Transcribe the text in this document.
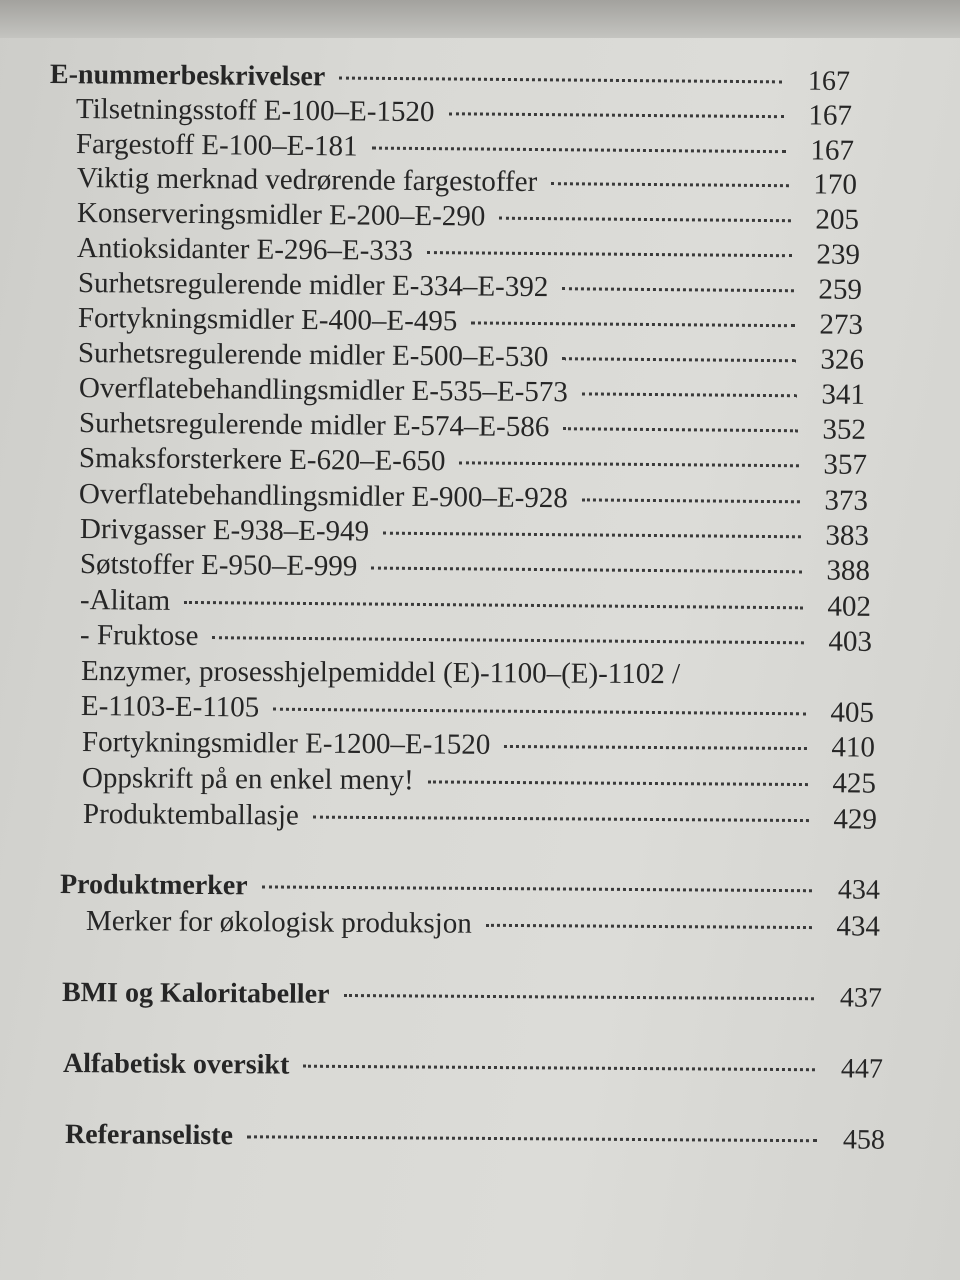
E-nummerbeskrivelser	167
Tilsetningsstoff E-100–E-1520	167
Fargestoff E-100–E-181	167
Viktig merknad vedrørende fargestoffer	170
Konserveringsmidler E-200–E-290	205
Antioksidanter E-296–E-333	239
Surhetsregulerende midler E-334–E-392	259
Fortykningsmidler E-400–E-495	273
Surhetsregulerende midler E-500–E-530	326
Overflatebehandlingsmidler E-535–E-573	341
Surhetsregulerende midler E-574–E-586	352
Smaksforsterkere E-620–E-650	357
Overflatebehandlingsmidler E-900–E-928	373
Drivgasser E-938–E-949	383
Søtstoffer E-950–E-999	388
-Alitam	402
- Fruktose	403
Enzymer, prosesshjelpemiddel (E)-1100–(E)-1102 /
E-1103-E-1105	405
Fortykningsmidler E-1200–E-1520	410
Oppskrift på en enkel meny!	425
Produktemballasje	429
Produktmerker	434
Merker for økologisk produksjon	434
BMI og Kaloritabeller	437
Alfabetisk oversikt	447
Referanseliste	458
